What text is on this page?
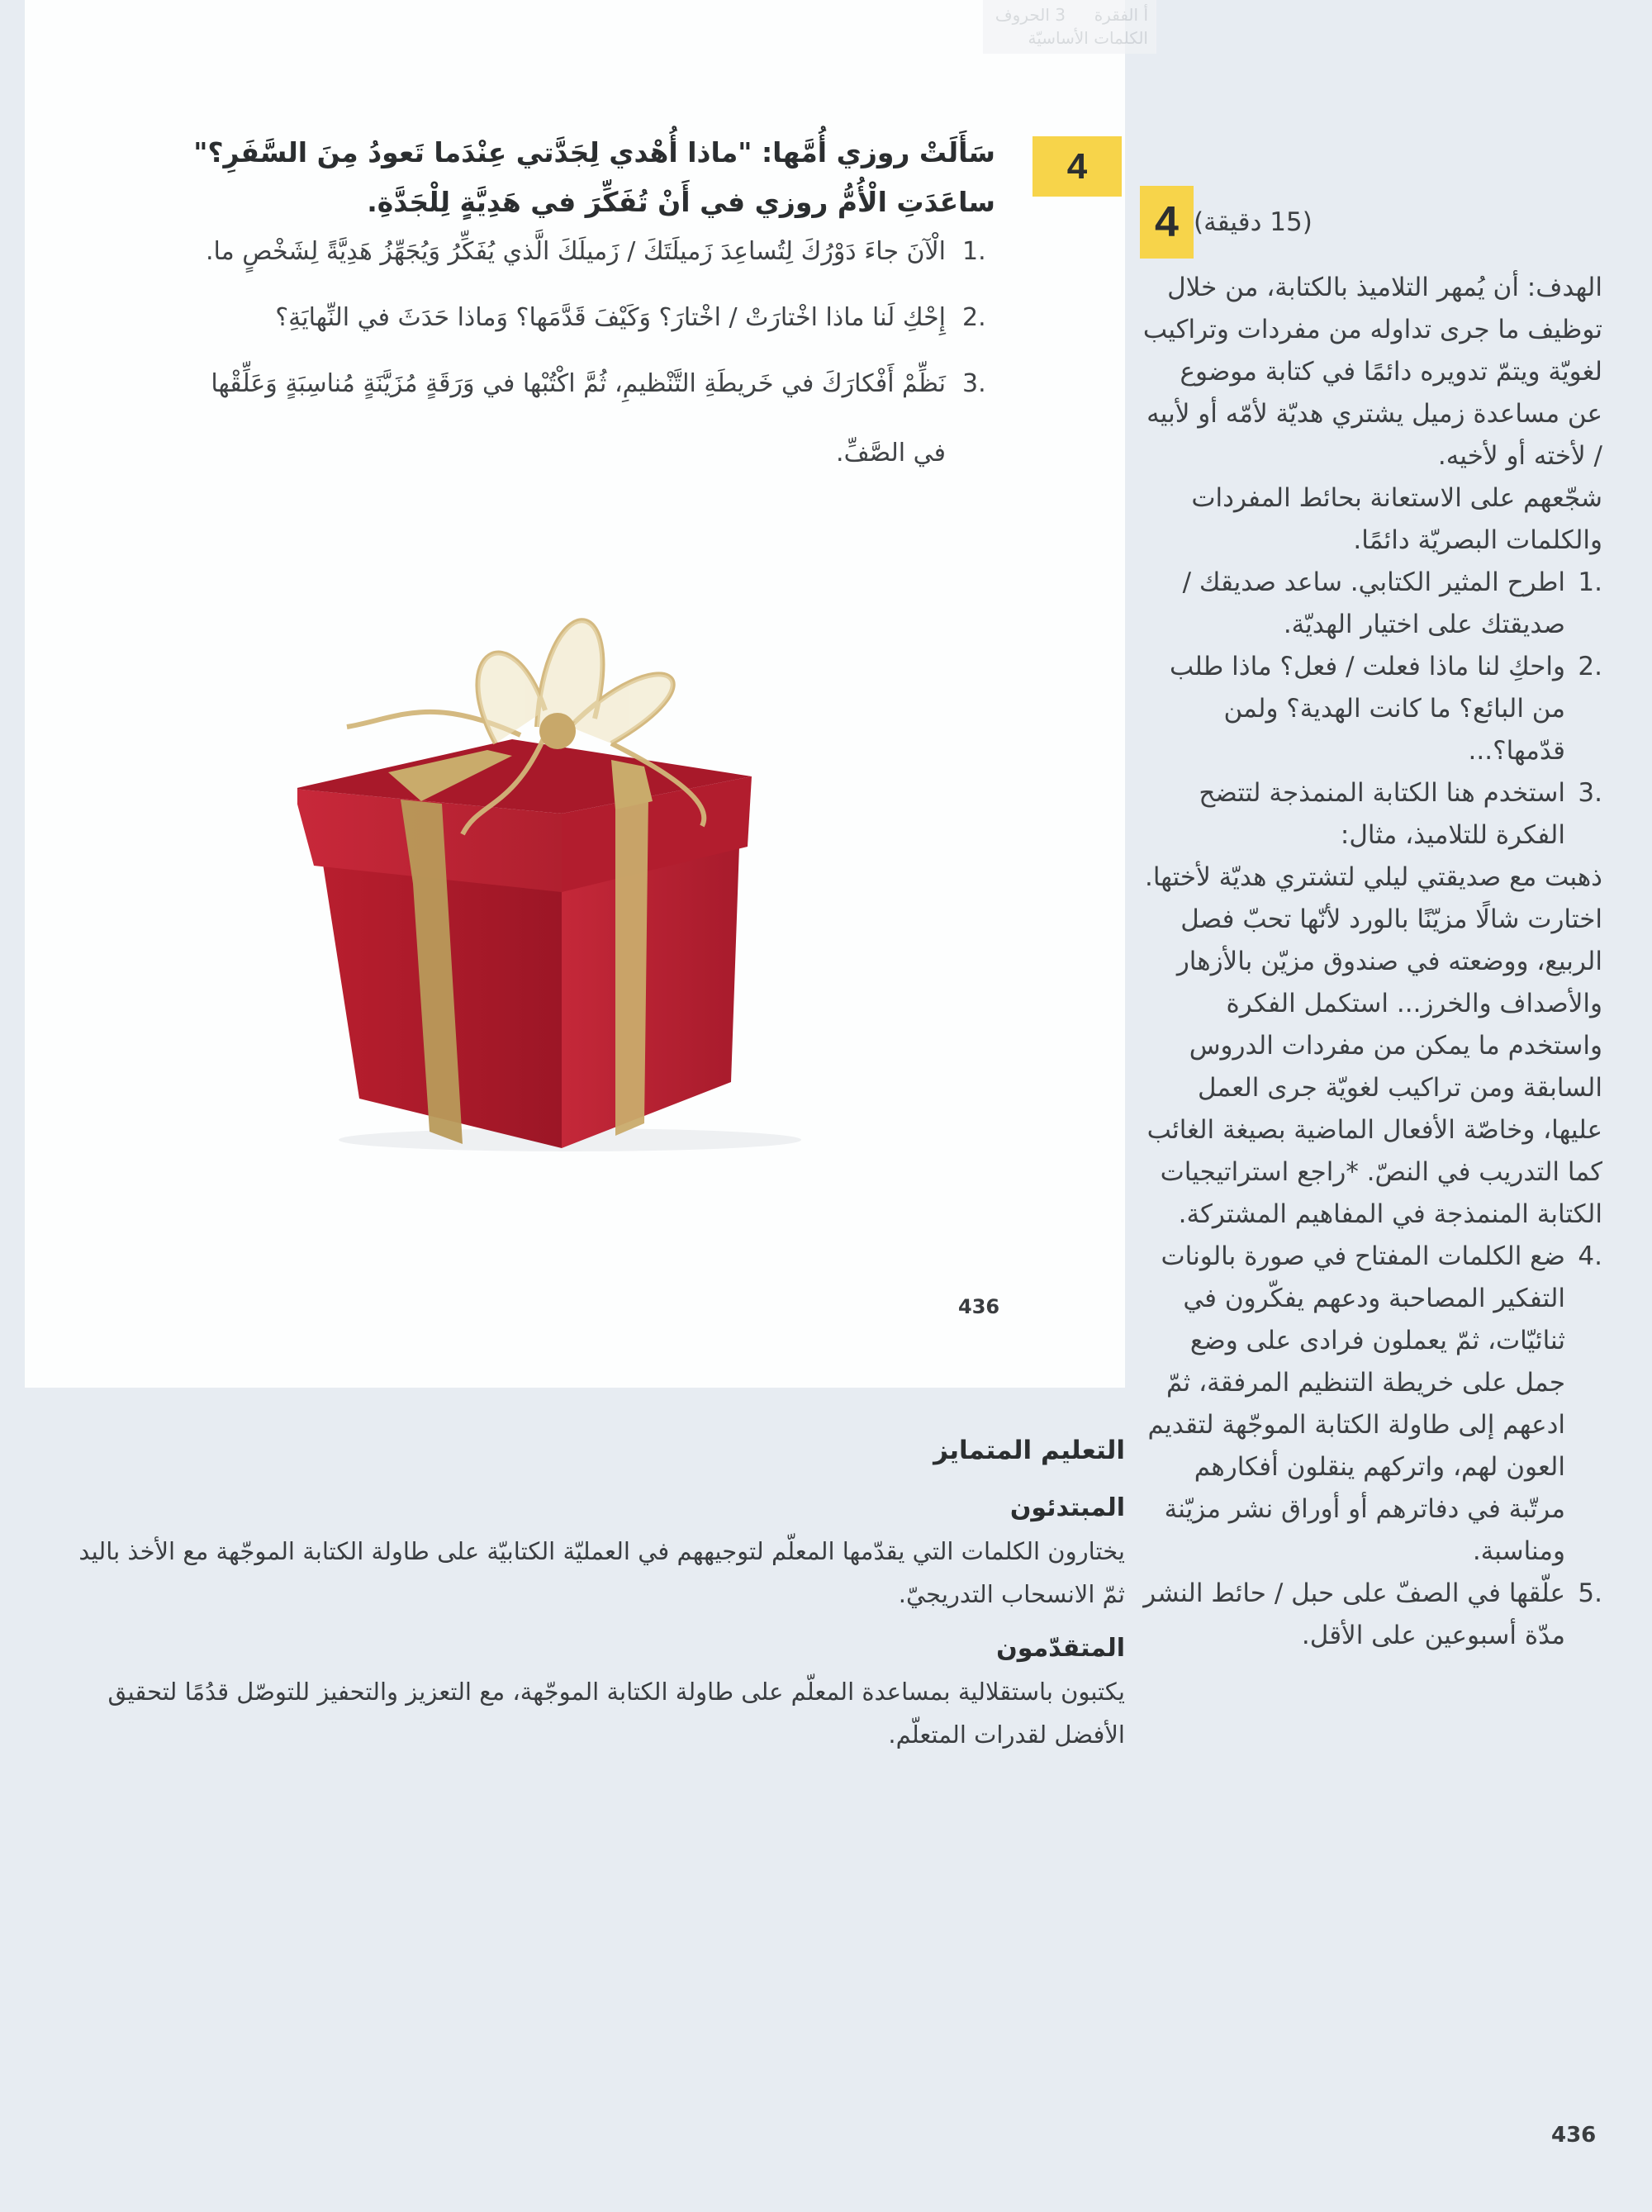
أ الفقرة
3 الحروف
الكلمات الأساسيّة
4
سَأَلَتْ روزي أُمَّها: "ماذا أُهْدي لِجَدَّتي عِنْدَما تَعودُ مِنَ السَّفَرِ؟" ساعَدَتِ الْأُمُّ روزي في أَنْ تُفَكِّرَ في هَدِيَّةٍ لِلْجَدَّةِ.
1.
الْآنَ جاءَ دَوْرُكَ لِتُساعِدَ زَميلَتَكَ / زَميلَكَ الَّذي يُفَكِّرُ وَيُجَهِّزُ هَدِيَّةً لِشَخْصٍ ما.
2.
إِحْكِ لَنا ماذا اخْتارَتْ / اخْتارَ؟ وَكَيْفَ قَدَّمَها؟ وَماذا حَدَثَ في النِّهايَةِ؟
3.
نَظِّمْ أَفْكارَكَ في خَريطَةِ التَّنْظيمِ، ثُمَّ اكْتُبْها في وَرَقَةٍ مُزَيَّنَةٍ مُناسِبَةٍ وَعَلِّقْها
في الصَّفِّ.
436
التعليم المتمايز
المبتدئون

يختارون الكلمات التي يقدّمها المعلّم لتوجيههم في العمليّة الكتابيّة على طاولة الكتابة الموجّهة مع الأخذ باليد ثمّ الانسحاب التدريجيّ.

المتقدّمون

يكتبون باستقلالية بمساعدة المعلّم على طاولة الكتابة الموجّهة، مع التعزيز والتحفيز للتوصّل قدُمًا لتحقيق الأفضل لقدرات المتعلّم.

4 (15 دقيقة)

الهدف: أن يُمهر التلاميذ بالكتابة، من خلال توظيف ما جرى تداوله من مفردات وتراكيب لغويّة ويتمّ تدويره دائمًا في كتابة موضوع عن مساعدة زميل يشتري هديّة لأمّه أو لأبيه / لأخته أو لأخيه.

شجّعهم على الاستعانة بحائط المفردات والكلمات البصريّة دائمًا.

1.
اطرح المثير الكتابي. ساعد صديقك / صديقتك على اختيار الهديّة.
2.
واحكِ لنا ماذا فعلت / فعل؟ ماذا طلب من البائع؟ ما كانت الهدية؟ ولمن قدّمها؟...
3.
استخدم هنا الكتابة المنمذجة لتتضح الفكرة للتلاميذ، مثال:
ذهبت مع صديقتي ليلي لتشتري هديّة لأختها. اختارت شالًا مزيّنًا بالورد لأنّها تحبّ فصل الربيع، ووضعته في صندوق مزيّن بالأزهار والأصداف والخرز... استكمل الفكرة واستخدم ما يمكن من مفردات الدروس السابقة ومن تراكيب لغويّة جرى العمل عليها، وخاصّة الأفعال الماضية بصيغة الغائب كما التدريب في النصّ. *راجع استراتيجيات الكتابة المنمذجة في المفاهيم المشتركة.
4.
ضع الكلمات المفتاح في صورة بالونات التفكير المصاحبة ودعهم يفكّرون في ثنائيّات، ثمّ يعملون فرادى على وضع جمل على خريطة التنظيم المرفقة، ثمّ ادعهم إلى طاولة الكتابة الموجّهة لتقديم العون لهم، واتركهم ينقلون أفكارهم مرتّبة في دفاترهم أو أوراق نشر مزيّنة ومناسبة.
5.
علّقها في الصفّ على حبل / حائط النشر مدّة أسبوعين على الأقل.
436
